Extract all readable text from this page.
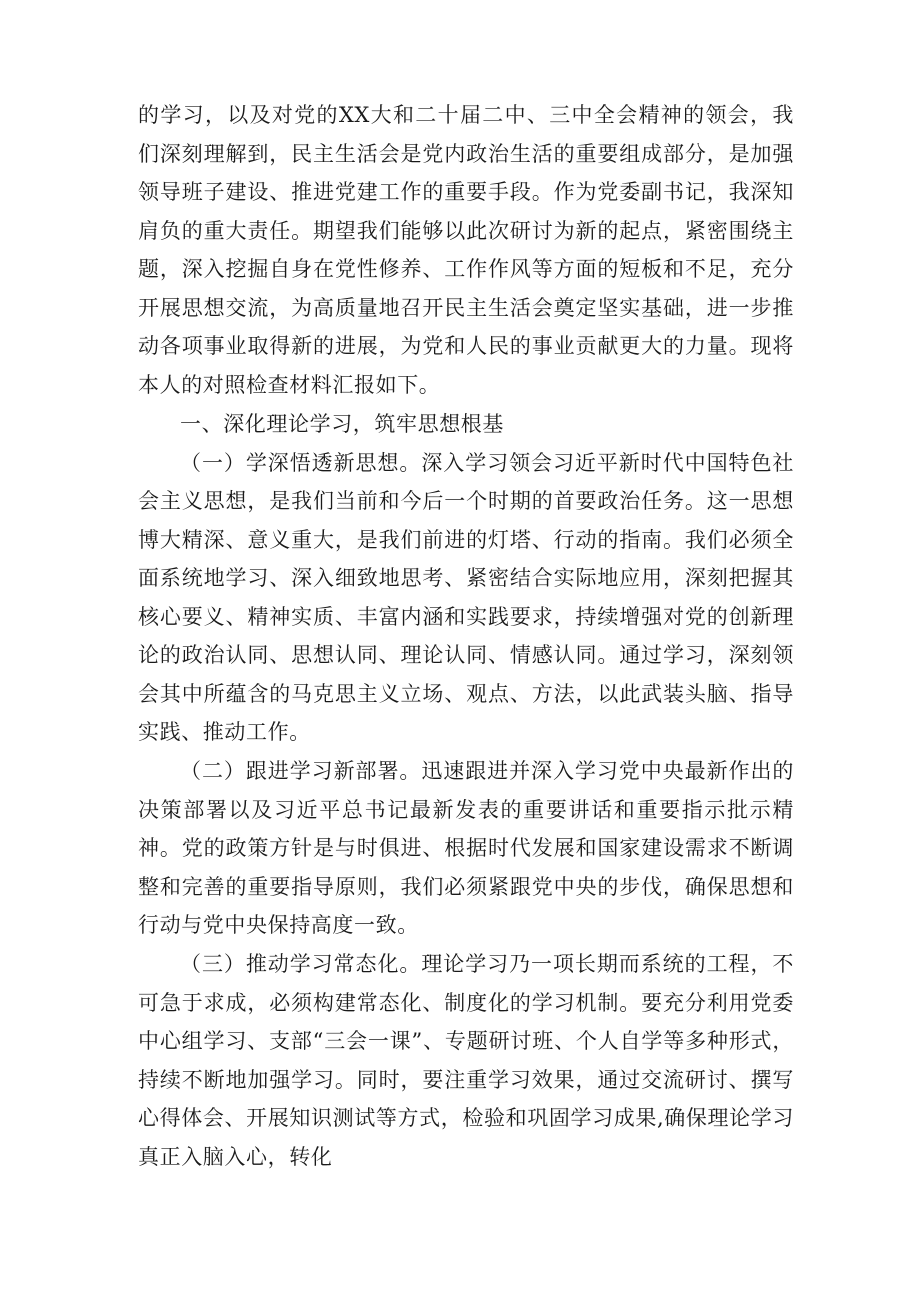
的学习，以及对党的XX大和二十届二中、三中全会精神的领会，我们深刻理解到，民主生活会是党内政治生活的重要组成部分，是加强领导班子建设、推进党建工作的重要手段。作为党委副书记，我深知肩负的重大责任。期望我们能够以此次研讨为新的起点，紧密围绕主题，深入挖掘自身在党性修养、工作作风等方面的短板和不足，充分开展思想交流，为高质量地召开民主生活会奠定坚实基础，进一步推动各项事业取得新的进展，为党和人民的事业贡献更大的力量。现将本人的对照检查材料汇报如下。

一、深化理论学习，筑牢思想根基

（一）学深悟透新思想。深入学习领会习近平新时代中国特色社会主义思想，是我们当前和今后一个时期的首要政治任务。这一思想博大精深、意义重大，是我们前进的灯塔、行动的指南。我们必须全面系统地学习、深入细致地思考、紧密结合实际地应用，深刻把握其核心要义、精神实质、丰富内涵和实践要求，持续增强对党的创新理论的政治认同、思想认同、理论认同、情感认同。通过学习，深刻领会其中所蕴含的马克思主义立场、观点、方法，以此武装头脑、指导实践、推动工作。

（二）跟进学习新部署。迅速跟进并深入学习党中央最新作出的决策部署以及习近平总书记最新发表的重要讲话和重要指示批示精神。党的政策方针是与时俱进、根据时代发展和国家建设需求不断调整和完善的重要指导原则，我们必须紧跟党中央的步伐，确保思想和行动与党中央保持高度一致。

（三）推动学习常态化。理论学习乃一项长期而系统的工程，不可急于求成，必须构建常态化、制度化的学习机制。要充分利用党委中心组学习、支部“三会一课”、专题研讨班、个人自学等多种形式，持续不断地加强学习。同时，要注重学习效果，通过交流研讨、撰写心得体会、开展知识测试等方式，检验和巩固学习成果,确保理论学习真正入脑入心，转化
